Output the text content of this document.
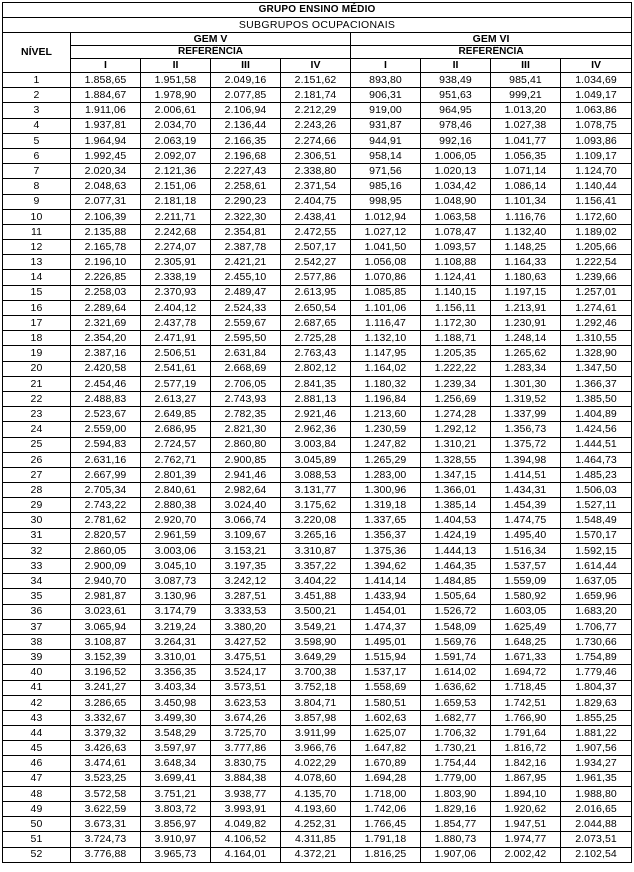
GRUPO ENSINO MÉDIO								
SUBGRUPOS OCUPACIONAIS								
NÍVEL	GEM V				GEM VI			
	REFERÊNCIA				REFERÊNCIA			
	I	II	III	IV	I	II	III	IV
1	1.858,65	1.951,58	2.049,16	2.151,62	893,80	938,49	985,41	1.034,69
2	1.884,67	1.978,90	2.077,85	2.181,74	906,31	951,63	999,21	1.049,17
3	1.911,06	2.006,61	2.106,94	2.212,29	919,00	964,95	1.013,20	1.063,86
4	1.937,81	2.034,70	2.136,44	2.243,26	931,87	978,46	1.027,38	1.078,75
5	1.964,94	2.063,19	2.166,35	2.274,66	944,91	992,16	1.041,77	1.093,86
6	1.992,45	2.092,07	2.196,68	2.306,51	958,14	1.006,05	1.056,35	1.109,17
7	2.020,34	2.121,36	2.227,43	2.338,80	971,56	1.020,13	1.071,14	1.124,70
8	2.048,63	2.151,06	2.258,61	2.371,54	985,16	1.034,42	1.086,14	1.140,44
9	2.077,31	2.181,18	2.290,23	2.404,75	998,95	1.048,90	1.101,34	1.156,41
10	2.106,39	2.211,71	2.322,30	2.438,41	1.012,94	1.063,58	1.116,76	1.172,60
11	2.135,88	2.242,68	2.354,81	2.472,55	1.027,12	1.078,47	1.132,40	1.189,02
12	2.165,78	2.274,07	2.387,78	2.507,17	1.041,50	1.093,57	1.148,25	1.205,66
13	2.196,10	2.305,91	2.421,21	2.542,27	1.056,08	1.108,88	1.164,33	1.222,54
14	2.226,85	2.338,19	2.455,10	2.577,86	1.070,86	1.124,41	1.180,63	1.239,66
15	2.258,03	2.370,93	2.489,47	2.613,95	1.085,85	1.140,15	1.197,15	1.257,01
16	2.289,64	2.404,12	2.524,33	2.650,54	1.101,06	1.156,11	1.213,91	1.274,61
17	2.321,69	2.437,78	2.559,67	2.687,65	1.116,47	1.172,30	1.230,91	1.292,46
18	2.354,20	2.471,91	2.595,50	2.725,28	1.132,10	1.188,71	1.248,14	1.310,55
19	2.387,16	2.506,51	2.631,84	2.763,43	1.147,95	1.205,35	1.265,62	1.328,90
20	2.420,58	2.541,61	2.668,69	2.802,12	1.164,02	1.222,22	1.283,34	1.347,50
21	2.454,46	2.577,19	2.706,05	2.841,35	1.180,32	1.239,34	1.301,30	1.366,37
22	2.488,83	2.613,27	2.743,93	2.881,13	1.196,84	1.256,69	1.319,52	1.385,50
23	2.523,67	2.649,85	2.782,35	2.921,46	1.213,60	1.274,28	1.337,99	1.404,89
24	2.559,00	2.686,95	2.821,30	2.962,36	1.230,59	1.292,12	1.356,73	1.424,56
25	2.594,83	2.724,57	2.860,80	3.003,84	1.247,82	1.310,21	1.375,72	1.444,51
26	2.631,16	2.762,71	2.900,85	3.045,89	1.265,29	1.328,55	1.394,98	1.464,73
27	2.667,99	2.801,39	2.941,46	3.088,53	1.283,00	1.347,15	1.414,51	1.485,23
28	2.705,34	2.840,61	2.982,64	3.131,77	1.300,96	1.366,01	1.434,31	1.506,03
29	2.743,22	2.880,38	3.024,40	3.175,62	1.319,18	1.385,14	1.454,39	1.527,11
30	2.781,62	2.920,70	3.066,74	3.220,08	1.337,65	1.404,53	1.474,75	1.548,49
31	2.820,57	2.961,59	3.109,67	3.265,16	1.356,37	1.424,19	1.495,40	1.570,17
32	2.860,05	3.003,06	3.153,21	3.310,87	1.375,36	1.444,13	1.516,34	1.592,15
33	2.900,09	3.045,10	3.197,35	3.357,22	1.394,62	1.464,35	1.537,57	1.614,44
34	2.940,70	3.087,73	3.242,12	3.404,22	1.414,14	1.484,85	1.559,09	1.637,05
35	2.981,87	3.130,96	3.287,51	3.451,88	1.433,94	1.505,64	1.580,92	1.659,96
36	3.023,61	3.174,79	3.333,53	3.500,21	1.454,01	1.526,72	1.603,05	1.683,20
37	3.065,94	3.219,24	3.380,20	3.549,21	1.474,37	1.548,09	1.625,49	1.706,77
38	3.108,87	3.264,31	3.427,52	3.598,90	1.495,01	1.569,76	1.648,25	1.730,66
39	3.152,39	3.310,01	3.475,51	3.649,29	1.515,94	1.591,74	1.671,33	1.754,89
40	3.196,52	3.356,35	3.524,17	3.700,38	1.537,17	1.614,02	1.694,72	1.779,46
41	3.241,27	3.403,34	3.573,51	3.752,18	1.558,69	1.636,62	1.718,45	1.804,37
42	3.286,65	3.450,98	3.623,53	3.804,71	1.580,51	1.659,53	1.742,51	1.829,63
43	3.332,67	3.499,30	3.674,26	3.857,98	1.602,63	1.682,77	1.766,90	1.855,25
44	3.379,32	3.548,29	3.725,70	3.911,99	1.625,07	1.706,32	1.791,64	1.881,22
45	3.426,63	3.597,97	3.777,86	3.966,76	1.647,82	1.730,21	1.816,72	1.907,56
46	3.474,61	3.648,34	3.830,75	4.022,29	1.670,89	1.754,44	1.842,16	1.934,27
47	3.523,25	3.699,41	3.884,38	4.078,60	1.694,28	1.779,00	1.867,95	1.961,35
48	3.572,58	3.751,21	3.938,77	4.135,70	1.718,00	1.803,90	1.894,10	1.988,80
49	3.622,59	3.803,72	3.993,91	4.193,60	1.742,06	1.829,16	1.920,62	2.016,65
50	3.673,31	3.856,97	4.049,82	4.252,31	1.766,45	1.854,77	1.947,51	2.044,88
51	3.724,73	3.910,97	4.106,52	4.311,85	1.791,18	1.880,73	1.974,77	2.073,51
52	3.776,88	3.965,73	4.164,01	4.372,21	1.816,25	1.907,06	2.002,42	2.102,54
